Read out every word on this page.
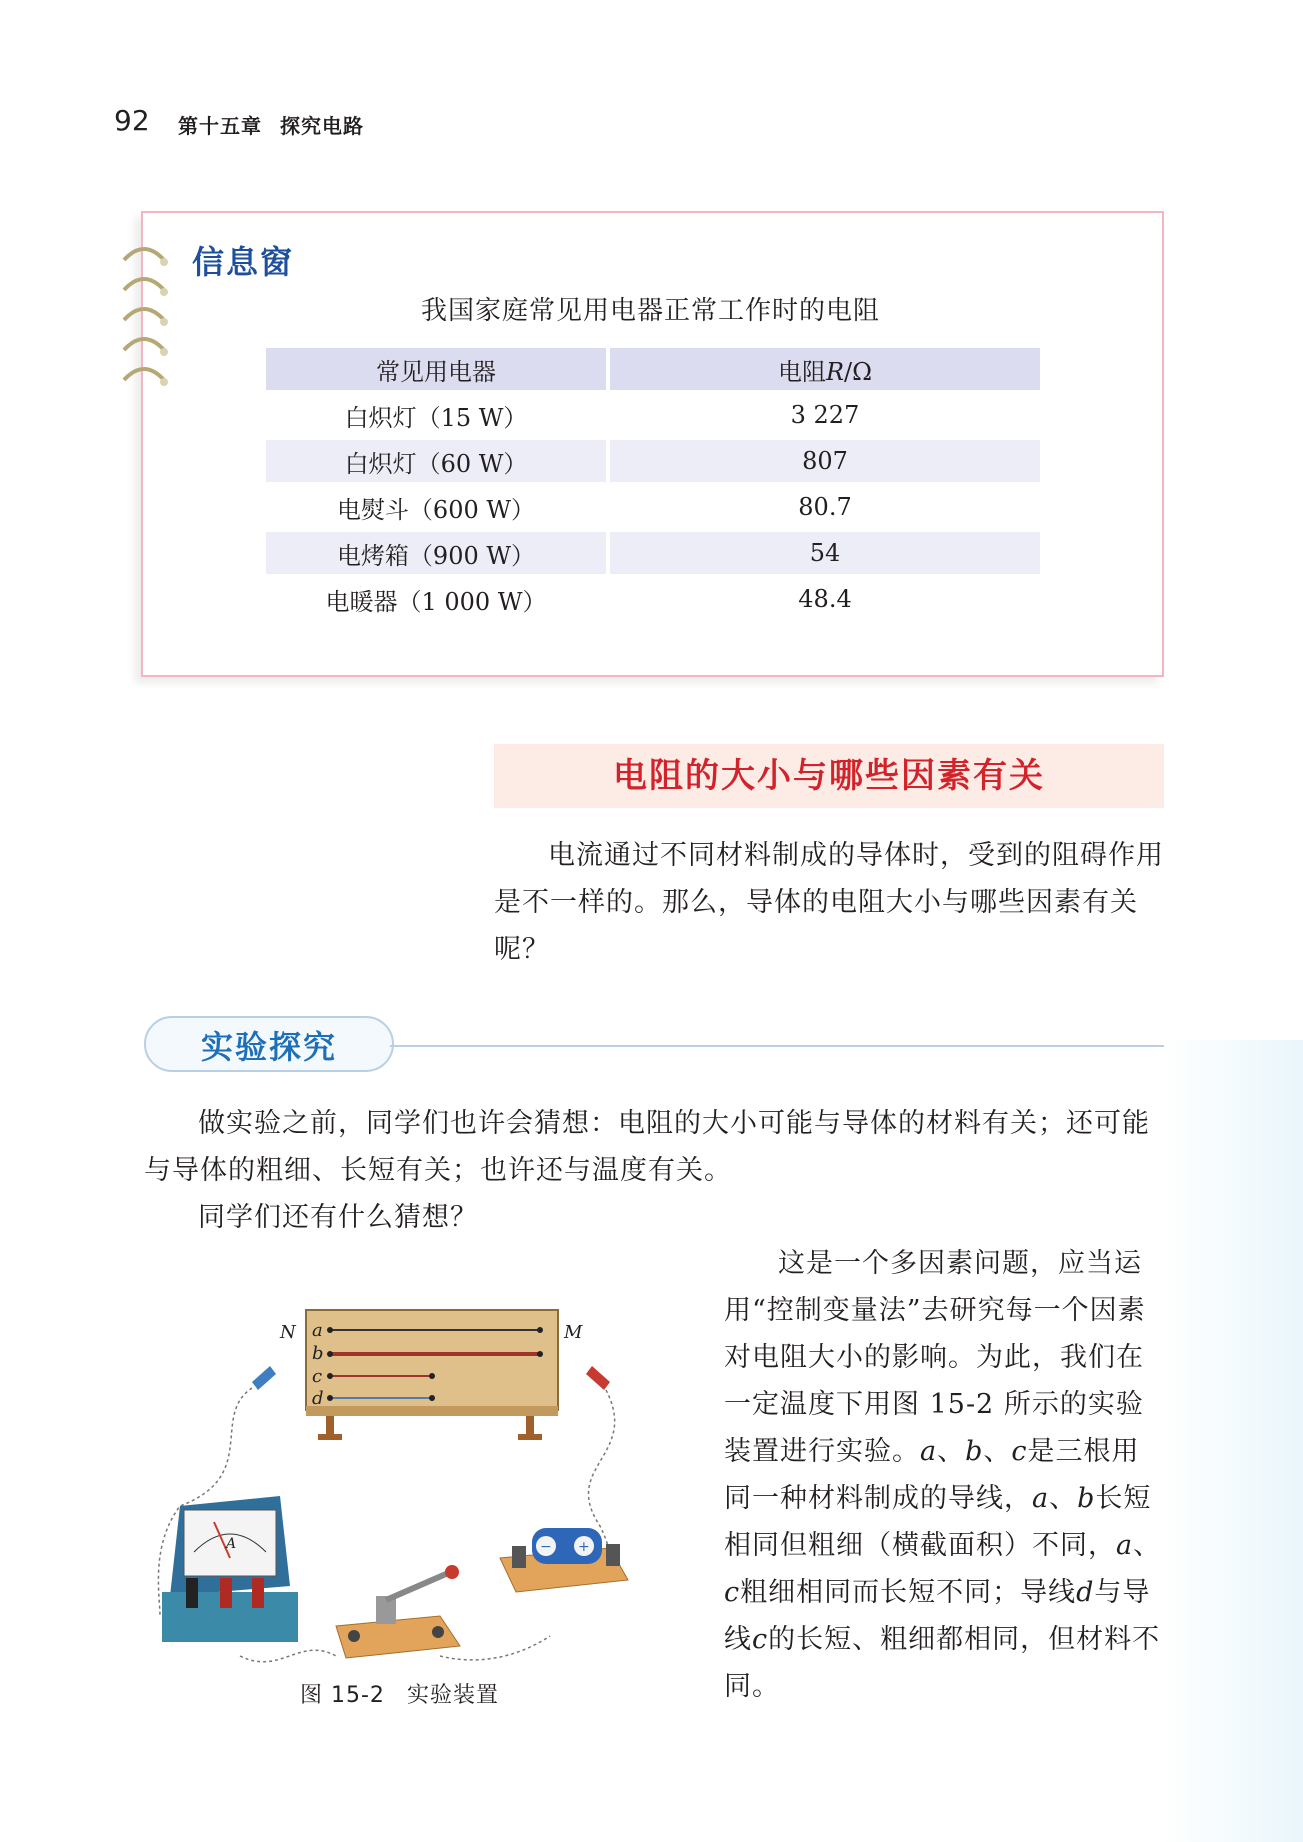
92 第十五章 探究电路
信息窗
我国家庭常见用电器正常工作时的电阻
常见用电器	电阻R/Ω
白炽灯（15 W）	3 227
白炽灯（60 W）	807
电熨斗（600 W）	80.7
电烤箱（900 W）	54
电暖器（1 000 W）	48.4
电阻的大小与哪些因素有关
电流通过不同材料制成的导体时，受到的阻碍作用是不一样的。那么，导体的电阻大小与哪些因素有关呢？
实验探究
做实验之前，同学们也许会猜想：电阻的大小可能与导体的材料有关；还可能与导体的粗细、长短有关；也许还与温度有关。
同学们还有什么猜想？
这是一个多因素问题，应当运用“控制变量法”去研究每一个因素对电阻大小的影响。为此，我们在一定温度下用图 15-2 所示的实验装置进行实验。a、b、c是三根用同一种材料制成的导线，a、b长短相同但粗细（横截面积）不同，a、c粗细相同而长短不同；导线d与导线c的长短、粗细都相同，但材料不同。
N	M
a
b
c
d
A	− +
图 15-2 实验装置
